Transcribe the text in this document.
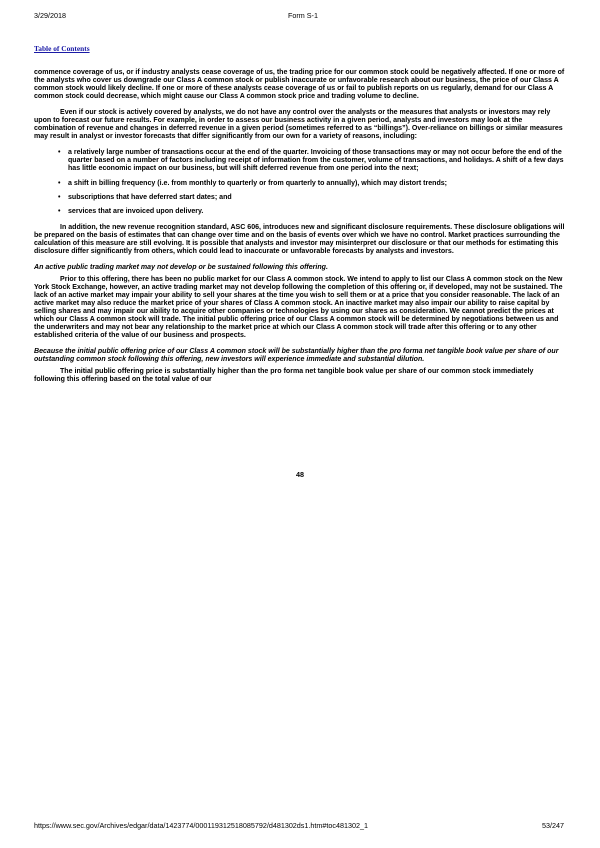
3/29/2018	Form S-1
Table of Contents

commence coverage of us, or if industry analysts cease coverage of us, the trading price for our common stock could be negatively affected. If one or more of the analysts who cover us downgrade our Class A common stock or publish inaccurate or unfavorable research about our business, the price of our Class A common stock would likely decline. If one or more of these analysts cease coverage of us or fail to publish reports on us regularly, demand for our Class A common stock could decrease, which might cause our Class A common stock price and trading volume to decline.

Even if our stock is actively covered by analysts, we do not have any control over the analysts or the measures that analysts or investors may rely upon to forecast our future results. For example, in order to assess our business activity in a given period, analysts and investors may look at the combination of revenue and changes in deferred revenue in a given period (sometimes referred to as “billings”). Over-reliance on billings or similar measures may result in analyst or investor forecasts that differ significantly from our own for a variety of reasons, including:

• a relatively large number of transactions occur at the end of the quarter. Invoicing of those transactions may or may not occur before the end of the quarter based on a number of factors including receipt of information from the customer, volume of transactions, and holidays. A shift of a few days has little economic impact on our business, but will shift deferred revenue from one period into the next;
• a shift in billing frequency (i.e. from monthly to quarterly or from quarterly to annually), which may distort trends;
• subscriptions that have deferred start dates; and
• services that are invoiced upon delivery.

In addition, the new revenue recognition standard, ASC 606, introduces new and significant disclosure requirements. These disclosure obligations will be prepared on the basis of estimates that can change over time and on the basis of events over which we have no control. Market practices surrounding the calculation of this measure are still evolving. It is possible that analysts and investor may misinterpret our disclosure or that our methods for estimating this disclosure differ significantly from others, which could lead to inaccurate or unfavorable forecasts by analysts and investors.

An active public trading market may not develop or be sustained following this offering.

Prior to this offering, there has been no public market for our Class A common stock. We intend to apply to list our Class A common stock on the New York Stock Exchange, however, an active trading market may not develop following the completion of this offering or, if developed, may not be sustained. The lack of an active market may impair your ability to sell your shares at the time you wish to sell them or at a price that you consider reasonable. The lack of an active market may also reduce the market price of your shares of Class A common stock. An inactive market may also impair our ability to raise capital by selling shares and may impair our ability to acquire other companies or technologies by using our shares as consideration. We cannot predict the prices at which our Class A common stock will trade. The initial public offering price of our Class A common stock will be determined by negotiations between us and the underwriters and may not bear any relationship to the market price at which our Class A common stock will trade after this offering or to any other established criteria of the value of our business and prospects.

Because the initial public offering price of our Class A common stock will be substantially higher than the pro forma net tangible book value per share of our outstanding common stock following this offering, new investors will experience immediate and substantial dilution.

The initial public offering price is substantially higher than the pro forma net tangible book value per share of our common stock immediately following this offering based on the total value of our

48
https://www.sec.gov/Archives/edgar/data/1423774/000119312518085792/d481302ds1.htm#toc481302_1	53/247
